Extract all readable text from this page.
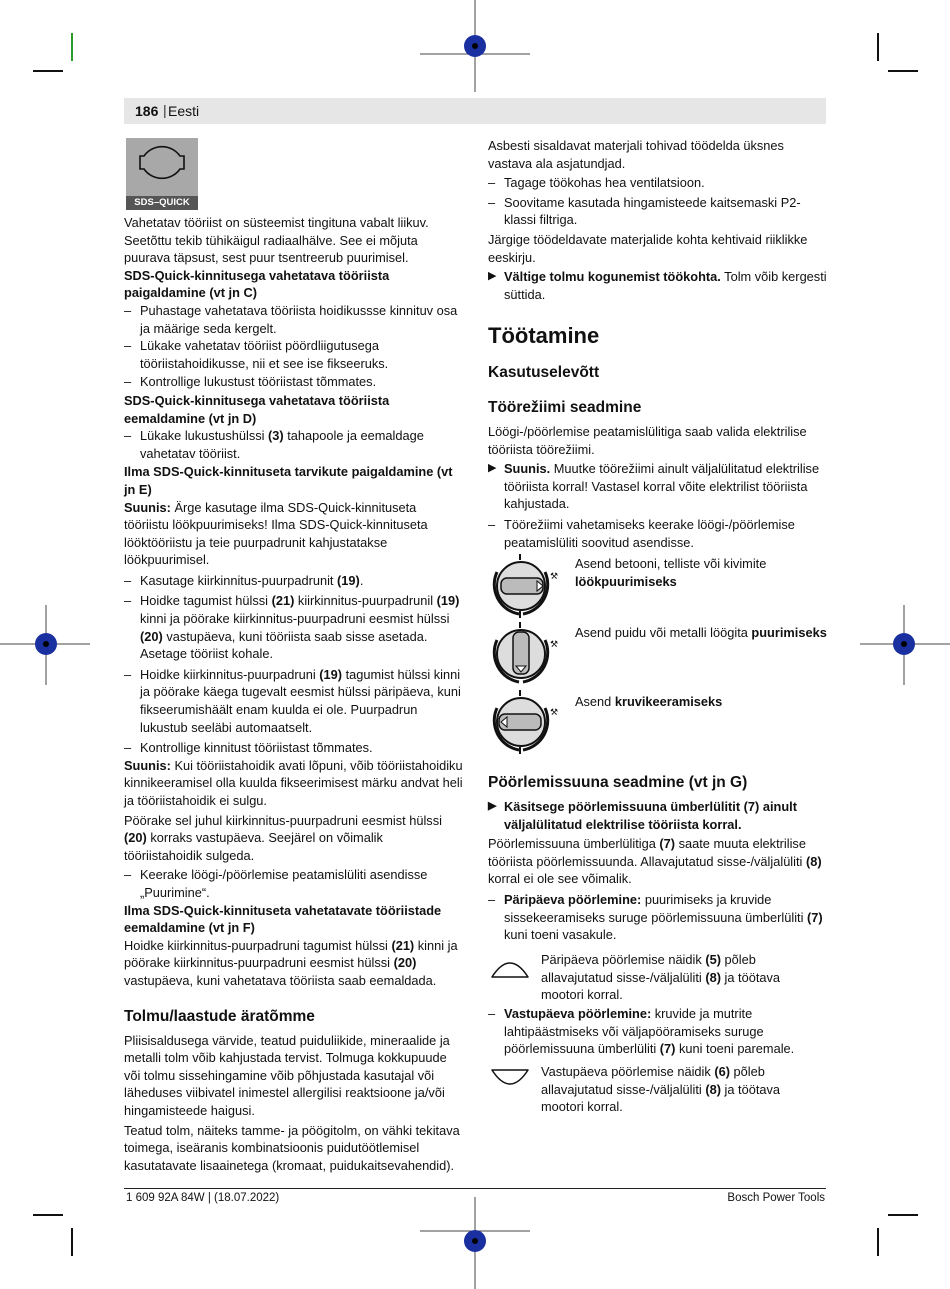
186 | Eesti
SDS–QUICK

Vahetatav tööriist on süsteemist tingituna vabalt liikuv. Seetõttu tekib tühikäigul radiaalhälve. See ei mõjuta puurava täpsust, sest puur tsentreerub puurimisel.

SDS-Quick-kinnitusega vahetatava tööriista paigaldamine (vt jn C)

– Puhastage vahetatava tööriista hoidikussse kinnituv osa ja määrige seda kergelt.

– Lükake vahetatav tööriist pöördliigutusega tööriistahoidikusse, nii et see ise fikseeruks.

– Kontrollige lukustust tööriistast tõmmates.

SDS-Quick-kinnitusega vahetatava tööriista eemaldamine (vt jn D)

– Lükake lukustushülssi (3) tahapoole ja eemaldage vahetatav tööriist.

Ilma SDS-Quick-kinnituseta tarvikute paigaldamine (vt jn E)

Suunis: Ärge kasutage ilma SDS-Quick-kinnituseta tööriistu löökpuurimiseks! Ilma SDS-Quick-kinnituseta lööktööriistu ja teie puurpadrunit kahjustatakse löökpuurimisel.

– Kasutage kiirkinnitus-puurpadrunit (19).

– Hoidke tagumist hülssi (21) kiirkinnitus-puurpadrunil (19) kinni ja pöörake kiirkinnitus-puurpadruni eesmist hülssi (20) vastupäeva, kuni tööriista saab sisse asetada. Asetage tööriist kohale.

– Hoidke kiirkinnitus-puurpadruni (19) tagumist hülssi kinni ja pöörake käega tugevalt eesmist hülssi päripäeva, kuni fikseerumishäält enam kuulda ei ole. Puurpadrun lukustub seeläbi automaatselt.

– Kontrollige kinnitust tööriistast tõmmates.

Suunis: Kui tööriistahoidik avati lõpuni, võib tööriistahoidiku kinnikeeramisel olla kuulda fikseerimisest märku andvat heli ja tööriistahoidik ei sulgu.

Pöörake sel juhul kiirkinnitus-puurpadruni eesmist hülssi (20) korraks vastupäeva. Seejärel on võimalik tööriistahoidik sulgeda.

– Keerake löögi-/pöörlemise peatamislüliti asendisse „Puurimine“.

Ilma SDS-Quick-kinnituseta vahetatavate tööriistade eemaldamine (vt jn F)

Hoidke kiirkinnitus-puurpadruni tagumist hülssi (21) kinni ja pöörake kiirkinnitus-puurpadruni eesmist hülssi (20) vastupäeva, kuni vahetatava tööriista saab eemaldada.

Tolmu/laastude äratõmme

Pliisisaldusega värvide, teatud puiduliikide, mineraalide ja metalli tolm võib kahjustada tervist. Tolmuga kokkupuude või tolmu sissehingamine võib põhjustada kasutajal või läheduses viibivatel inimestel allergilisi reaktsioone ja/või hingamisteede haigusi.

Teatud tolm, näiteks tamme- ja pöögitolm, on vähki tekitava toimega, iseäranis kombinatsioonis puidutöötlemisel kasutatavate lisaainetega (kromaat, puidukaitsevahendid).

Asbesti sisaldavat materjali tohivad töödelda üksnes vastava ala asjatundjad.

– Tagage töökohas hea ventilatsioon.

– Soovitame kasutada hingamisteede kaitsemaski P2-klassi filtriga.

Järgige töödeldavate materjalide kohta kehtivaid riiklikke eeskirju.

▶ Vältige tolmu kogunemist töökohta. Tolm võib kergesti süttida.

Töötamine
Kasutuselevõtt
Töörežiimi seadmine

Löögi-/pöörlemise peatamislülitiga saab valida elektrilise tööriista töörežiimi.

▶ Suunis. Muutke töörežiimi ainult väljalülitatud elektrilise tööriista korral! Vastasel korral võite elektrilist tööriista kahjustada.

– Töörežiimi vahetamiseks keerake löögi-/pöörlemise peatamislüliti soovitud asendisse.

⚒

Asend betooni, telliste või kivimite löökpuurimiseks

⚒

Asend puidu või metalli löögita puurimiseks

⚒

Asend kruvikeeramiseks

Pöörlemissuuna seadmine (vt jn G)

▶ Käsitsege pöörlemissuuna ümberlülitit (7) ainult väljalülitatud elektrilise tööriista korral.

Pöörlemissuuna ümberlülitiga (7) saate muuta elektrilise tööriista pöörlemissuunda. Allavajutatud sisse-/väljalüliti (8) korral ei ole see võimalik.

– Päripäeva pöörlemine: puurimiseks ja kruvide sissekeeramiseks suruge pöörlemissuuna ümberlüliti (7) kuni toeni vasakule.

Päripäeva pöörlemise näidik (5) põleb allavajutatud sisse-/väljalüliti (8) ja töötava mootori korral.

– Vastupäeva pöörlemine: kruvide ja mutrite lahtipäästmiseks või väljapööramiseks suruge pöörlemissuuna ümberlüliti (7) kuni toeni paremale.

Vastupäeva pöörlemise näidik (6) põleb allavajutatud sisse-/väljalüliti (8) ja töötava mootori korral.

1 609 92A 84W | (18.07.2022)	Bosch Power Tools
